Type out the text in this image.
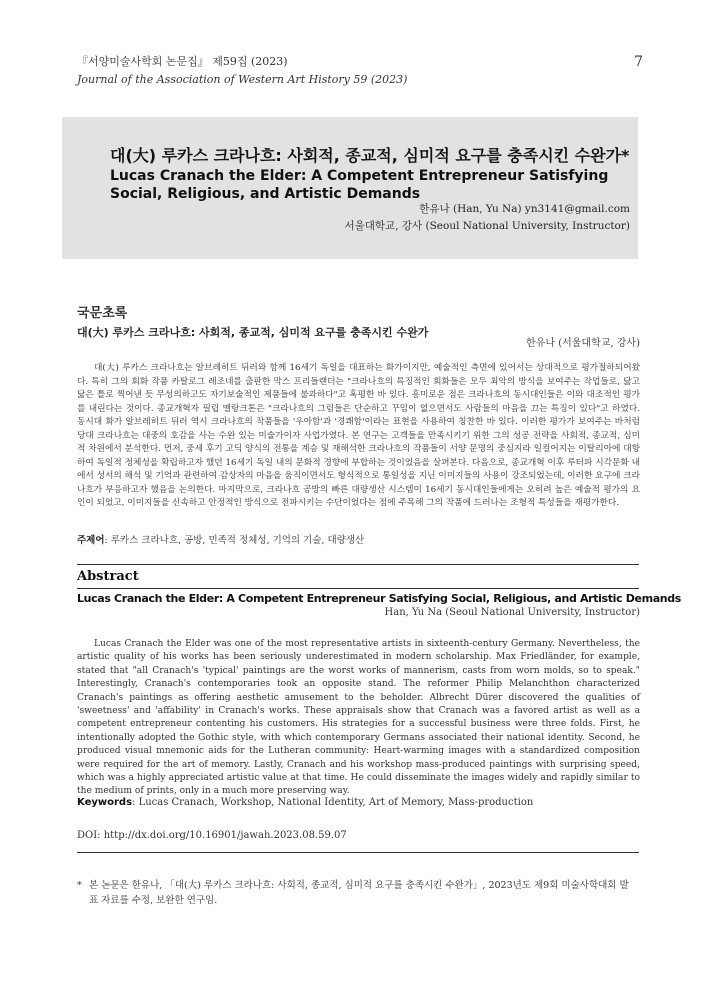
『서양미술사학회 논문집』 제59집 (2023)
Journal of the Association of Western Art History 59 (2023)
7
대(大) 루카스 크라나흐: 사회적, 종교적, 심미적 요구를 충족시킨 수완가*
Lucas Cranach the Elder: A Competent Entrepreneur Satisfying Social, Religious, and Artistic Demands
한유나 (Han, Yu Na) yn3141@gmail.com
서울대학교, 강사 (Seoul National University, Instructor)
국문초록
대(大) 루카스 크라나흐: 사회적, 종교적, 심미적 요구를 충족시킨 수완가
한유나 (서울대학교, 강사)

대(大) 루카스 크라나흐는 알브레히트 뒤러와 함께 16세기 독일을 대표하는 화가이지만, 예술적인 측면에 있어서는 상대적으로 평가절하되어왔다. 특히 그의 회화 작품 카탈로그 레조네를 출판한 막스 프리들랜더는 "크라나흐의 특징적인 회화들은 모두 최악의 방식을 보여주는 작업들로, 닳고 닳은 틀로 찍어낸 듯 무성의하고도 자기보술적인 제품들에 불과하다"고 혹평한 바 있다. 흥미로운 점은 크라나흐의 동시대인들은 이와 대조적인 평가를 내린다는 것이다. 종교개혁자 필립 멜랑크톤은 "크라나흐의 그림들은 단순하고 꾸밈이 없으면서도 사람들의 마음을 끄는 특징이 있다"고 하였다. 동시대 화가 알브레히트 뒤러 역시 크라나흐의 작품들을 '우아함'과 '경쾌함'이라는 표현을 사용하여 칭찬한 바 있다. 이러한 평가가 보여주는 바처럼 당대 크라나흐는 대중의 호감을 사는 수완 있는 미술가이자 사업가였다. 본 연구는 고객들을 만족시키기 위한 그의 성공 전략을 사회적, 종교적, 심미적 차원에서 분석한다. 먼저, 중세 후기 고딕 양식의 전통을 계승 및 재해석한 크라나흐의 작품들이 서양 문명의 중심지라 일컬어지는 이탈리아에 대항하여 독일적 정체성을 확립하고자 했던 16세기 독일 내의 문화적 경향에 부합하는 것이었음을 살펴본다. 다음으로, 종교개혁 이후 루터파 시각문화 내에서 성서의 해석 및 기억과 관련하여 감상자의 마음을 움직이면서도 형식적으로 통일성을 지닌 이미지들의 사용이 강조되었는데, 이러한 요구에 크라나흐가 부응하고자 했음을 논의한다. 마지막으로, 크라나흐 공방의 빠른 대량생산 시스템이 16세기 동시대인들에게는 오히려 높은 예술적 평가의 요인이 되었고, 이미지들을 신속하고 안정적인 방식으로 전파시키는 수단이었다는 점에 주목해 그의 작품에 드러나는 조형적 특성들을 재평가한다.

주제어: 루카스 크라나흐, 공방, 민족적 정체성, 기억의 기술, 대량생산
Abstract
Lucas Cranach the Elder: A Competent Entrepreneur Satisfying Social, Religious, and Artistic Demands
Han, Yu Na (Seoul National University, Instructor)

Lucas Cranach the Elder was one of the most representative artists in sixteenth-century Germany. Nevertheless, the artistic quality of his works has been seriously underestimated in modern scholarship. Max Friedländer, for example, stated that "all Cranach's 'typical' paintings are the worst works of mannerism, casts from worn molds, so to speak." Interestingly, Cranach's contemporaries took an opposite stand. The reformer Philip Melanchthon characterized Cranach's paintings as offering aesthetic amusement to the beholder. Albrecht Dürer discovered the qualities of 'sweetness' and 'affability' in Cranach's works. These appraisals show that Cranach was a favored artist as well as a competent entrepreneur contenting his customers. His strategies for a successful business were three folds. First, he intentionally adopted the Gothic style, with which contemporary Germans associated their national identity. Second, he produced visual mnemonic aids for the Lutheran community: Heart-warming images with a standardized composition were required for the art of memory. Lastly, Cranach and his workshop mass-produced paintings with surprising speed, which was a highly appreciated artistic value at that time. He could disseminate the images widely and rapidly similar to the medium of prints, only in a much more preserving way.

Keywords: Lucas Cranach, Workshop, National Identity, Art of Memory, Mass-production
DOI: http://dx.doi.org/10.16901/jawah.2023.08.59.07
* 본 논문은 한유나, 「대(大) 루카스 크라나흐: 사회적, 종교적, 심미적 요구를 충족시킨 수완가」, 2023년도 제9회 미술사학대회 발표 자료를 수정, 보완한 연구임.
